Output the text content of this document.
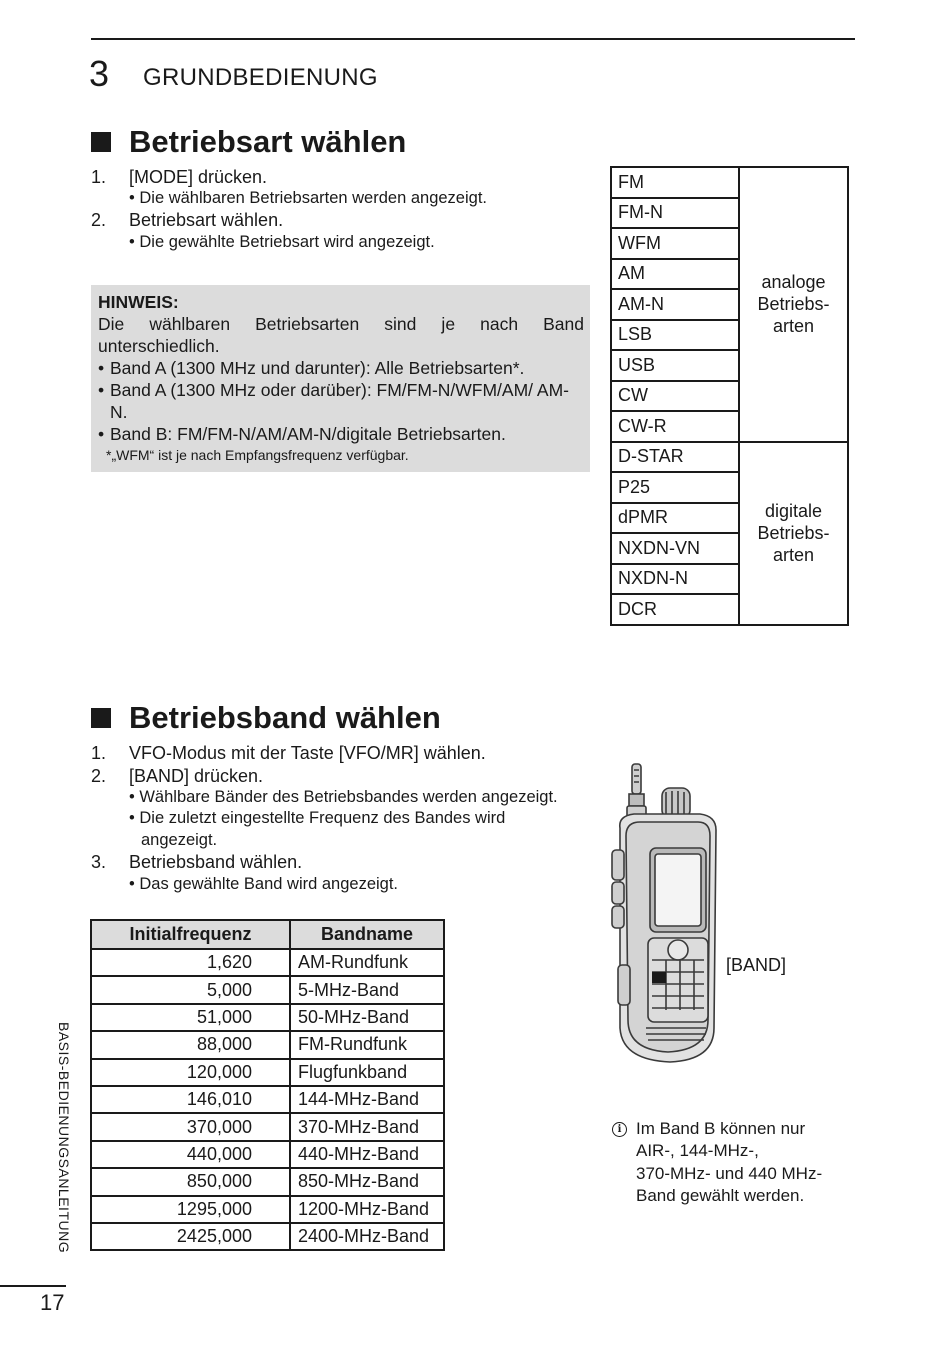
3 GRUNDBEDIENUNG
Betriebsart wählen
1. [MODE] drücken.
• Die wählbaren Betriebsarten werden angezeigt.
2. Betriebsart wählen.
• Die gewählte Betriebsart wird angezeigt.
HINWEIS:
Die wählbaren Betriebsarten sind je nach Band unterschiedlich.
• Band A (1300 MHz und darunter): Alle Betriebsarten*.
• Band A (1300 MHz oder darüber): FM/FM-N/WFM/AM/ AM-N.
• Band B: FM/FM-N/AM/AM-N/digitale Betriebsarten.
*„WFM“ ist je nach Empfangsfrequenz verfügbar.
FM	analoge
Betriebs-
arten
FM-N	
WFM	
AM	
AM-N	
LSB	
USB	
CW	
CW-R	
D-STAR	digitale
Betriebs-
arten
P25	
dPMR	
NXDN-VN	
NXDN-N	
DCR	
Betriebsband wählen
1. VFO-Modus mit der Taste [VFO/MR] wählen.
2. [BAND] drücken.
• Wählbare Bänder des Betriebsbandes werden angezeigt.
• Die zuletzt eingestellte Frequenz des Bandes wird
angezeigt.
3. Betriebsband wählen.
• Das gewählte Band wird angezeigt.
Initialfrequenz	Bandname
1,620	AM-Rundfunk
5,000	5-MHz-Band
51,000	50-MHz-Band
88,000	FM-Rundfunk
120,000	Flugfunkband
146,010	144-MHz-Band
370,000	370-MHz-Band
440,000	440-MHz-Band
850,000	850-MHz-Band
1295,000	1200-MHz-Band
2425,000	2400-MHz-Band
[BAND]
i Im Band B können nur
AIR-, 144-MHz-,
370-MHz- und 440 MHz-
Band gewählt werden.
BASIS-BEDIENUNGSANLEITUNG
17
